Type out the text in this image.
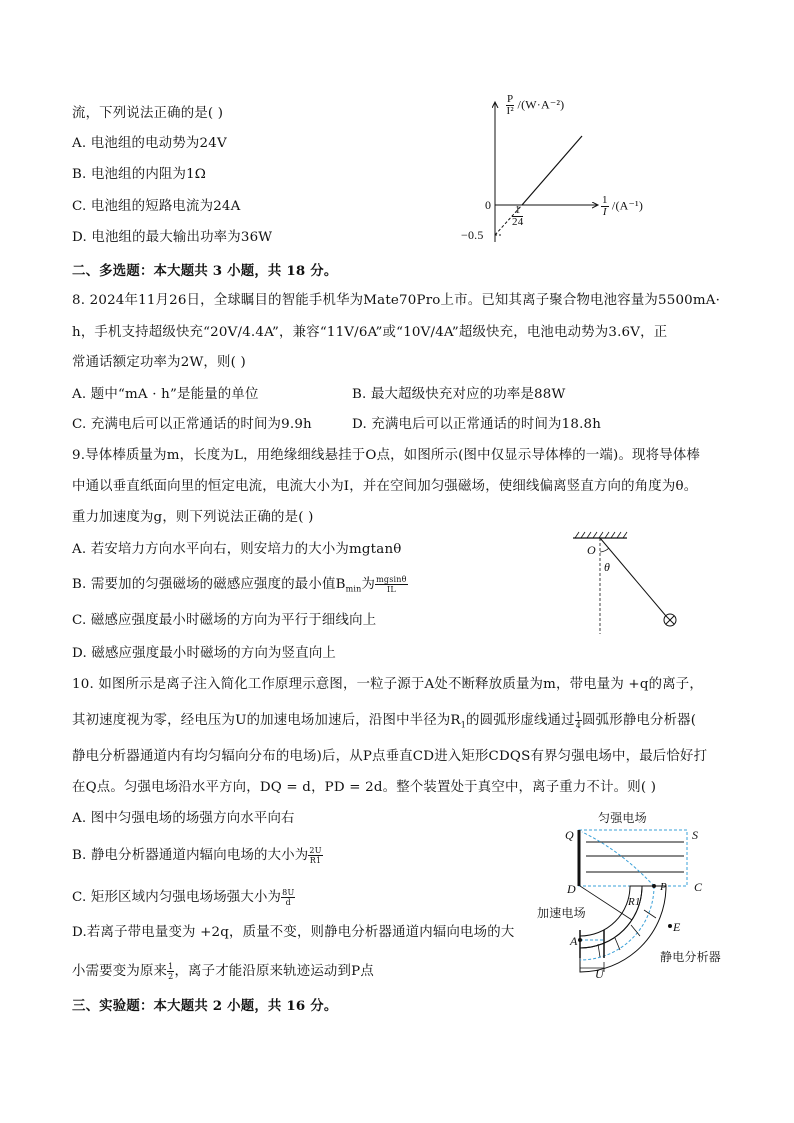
流，下列说法正确的是( )
A. 电池组的电动势为24V
B. 电池组的内阻为1Ω
C. 电池组的短路电流为24A
D. 电池组的最大输出功率为36W
$\frac{P}{\text{I²}} /(W\cdot A^{-2})$
0
−0.5
$\frac{1}{24}$	$\frac{1}{I} /(A^{-1})$
二、多选题：本大题共 3 小题，共 18 分。
8. 2024年11月26日，全球瞩目的智能手机华为Mate70Pro上市。已知其离子聚合物电池容量为5500mA·
h，手机支持超级快充“20V/4.4A”，兼容“11V/6A”或“10V/4A”超级快充，电池电动势为3.6V，正
常通话额定功率为2W，则( )
A. 题中“mA · h”是能量的单位	B. 最大超级快充对应的功率是88W
C. 充满电后可以正常通话的时间为9.9h	D. 充满电后可以正常通话的时间为18.8h
9.导体棒质量为m，长度为L，用绝缘细线悬挂于O点，如图所示(图中仅显示导体棒的一端)。现将导体棒
中通以垂直纸面向里的恒定电流，电流大小为I，并在空间加匀强磁场，使细线偏离竖直方向的角度为θ。
重力加速度为g，则下列说法正确的是( )
A. 若安培力方向水平向右，则安培力的大小为mgtanθ
B. 需要加的匀强磁场的磁感应强度的最小值$B_{min}$为 $\frac{mgsin\theta}{IL}$
C. 磁感应强度最小时磁场的方向为平行于细线向上
D. 磁感应强度最小时磁场的方向为竖直向上
O
θ
10. 如图所示是离子注入简化工作原理示意图，一粒子源于A处不断释放质量为m，带电量为 +q的离子，
其初速度视为零，经电压为U的加速电场加速后，沿图中半径为$R_1$的圆弧形虚线通过 $\frac{1}{4}$ 圆弧形静电分析器(
静电分析器通道内有均匀辐向分布的电场)后，从P点垂直CD进入矩形CDQS有界匀强电场中，最后恰好打
在Q点。匀强电场沿水平方向，DQ = d，PD = 2d。整个装置处于真空中，离子重力不计。则( )
A. 图中匀强电场的场强方向水平向右
B. 静电分析器通道内辐向电场的大小为 $\frac{2U}{R1}$
C. 矩形区域内匀强电场场强大小为 $\frac{8U}{d}$
D.若离子带电量变为 +2q，质量不变，则静电分析器通道内辐向电场的大
小需要变为原来 $\frac{1}{2}$ ，离子才能沿原来轨迹运动到P点
匀强电场
Q	S
D	C
P
R1
加速电场
A
E
U
静电分析器
三、实验题：本大题共 2 小题，共 16 分。
